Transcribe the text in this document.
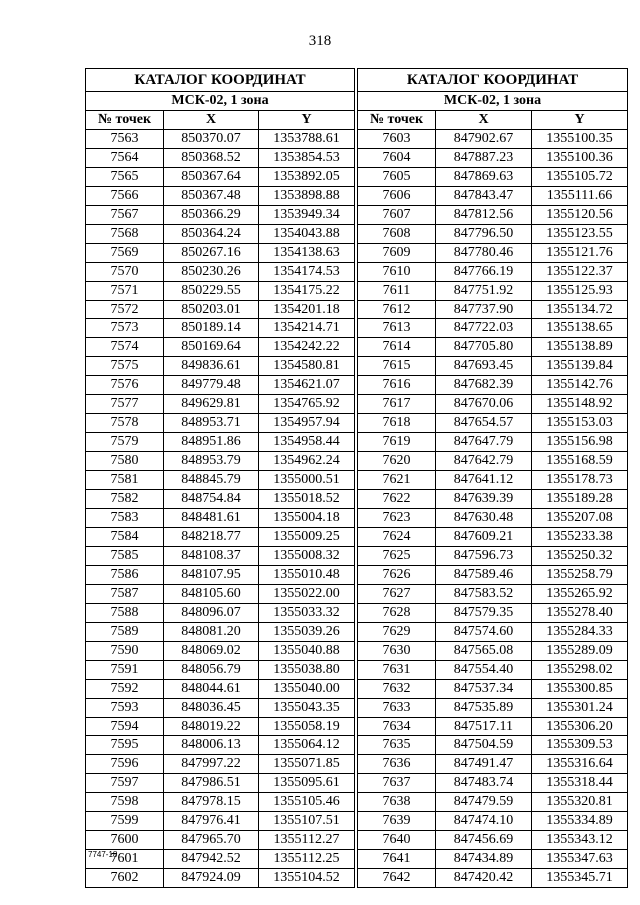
318
КАТАЛОГ КООРДИНАТ		
МСК-02, 1 зона		
№ точек	X	Y
7563	850370.07	1353788.61
7564	850368.52	1353854.53
7565	850367.64	1353892.05
7566	850367.48	1353898.88
7567	850366.29	1353949.34
7568	850364.24	1354043.88
7569	850267.16	1354138.63
7570	850230.26	1354174.53
7571	850229.55	1354175.22
7572	850203.01	1354201.18
7573	850189.14	1354214.71
7574	850169.64	1354242.22
7575	849836.61	1354580.81
7576	849779.48	1354621.07
7577	849629.81	1354765.92
7578	848953.71	1354957.94
7579	848951.86	1354958.44
7580	848953.79	1354962.24
7581	848845.79	1355000.51
7582	848754.84	1355018.52
7583	848481.61	1355004.18
7584	848218.77	1355009.25
7585	848108.37	1355008.32
7586	848107.95	1355010.48
7587	848105.60	1355022.00
7588	848096.07	1355033.32
7589	848081.20	1355039.26
7590	848069.02	1355040.88
7591	848056.79	1355038.80
7592	848044.61	1355040.00
7593	848036.45	1355043.35
7594	848019.22	1355058.19
7595	848006.13	1355064.12
7596	847997.22	1355071.85
7597	847986.51	1355095.61
7598	847978.15	1355105.46
7599	847976.41	1355107.51
7600	847965.70	1355112.27
7601	847942.52	1355112.25
7602	847924.09	1355104.52
КАТАЛОГ КООРДИНАТ		
МСК-02, 1 зона		
№ точек	X	Y
7603	847902.67	1355100.35
7604	847887.23	1355100.36
7605	847869.63	1355105.72
7606	847843.47	1355111.66
7607	847812.56	1355120.56
7608	847796.50	1355123.55
7609	847780.46	1355121.76
7610	847766.19	1355122.37
7611	847751.92	1355125.93
7612	847737.90	1355134.72
7613	847722.03	1355138.65
7614	847705.80	1355138.89
7615	847693.45	1355139.84
7616	847682.39	1355142.76
7617	847670.06	1355148.92
7618	847654.57	1355153.03
7619	847647.79	1355156.98
7620	847642.79	1355168.59
7621	847641.12	1355178.73
7622	847639.39	1355189.28
7623	847630.48	1355207.08
7624	847609.21	1355233.38
7625	847596.73	1355250.32
7626	847589.46	1355258.79
7627	847583.52	1355265.92
7628	847579.35	1355278.40
7629	847574.60	1355284.33
7630	847565.08	1355289.09
7631	847554.40	1355298.02
7632	847537.34	1355300.85
7633	847535.89	1355301.24
7634	847517.11	1355306.20
7635	847504.59	1355309.53
7636	847491.47	1355316.64
7637	847483.74	1355318.44
7638	847479.59	1355320.81
7639	847474.10	1355334.89
7640	847456.69	1355343.12
7641	847434.89	1355347.63
7642	847420.42	1355345.71
7747-18
